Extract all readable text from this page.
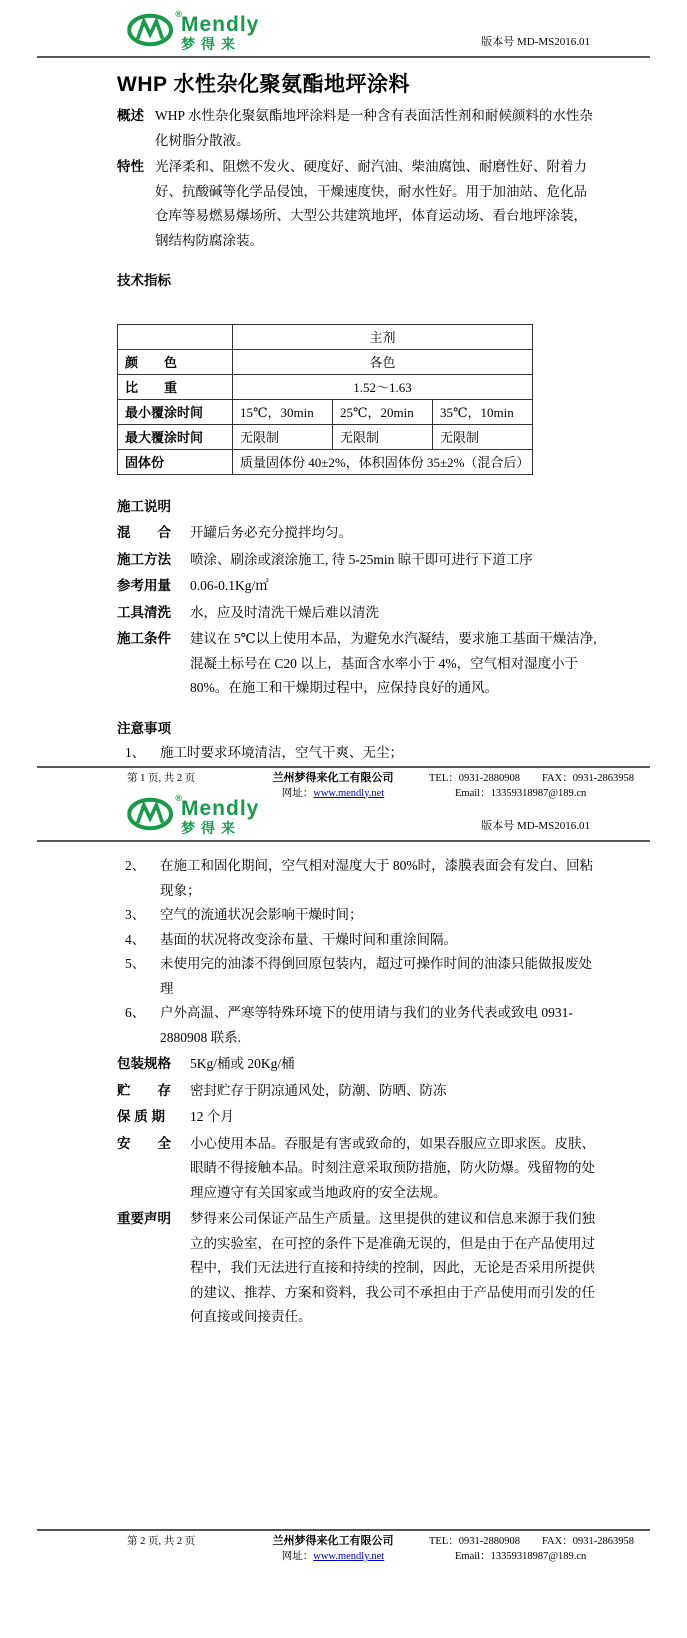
® Mendly
梦得来	版本号 MD-MS2016.01
WHP 水性杂化聚氨酯地坪涂料
概述 WHP 水性杂化聚氨酯地坪涂料是一种含有表面活性剂和耐候颜料的水性杂化树脂分散液。
特性 光泽柔和、阻燃不发火、硬度好、耐汽油、柴油腐蚀、耐磨性好、附着力好、抗酸碱等化学品侵蚀，干燥速度快，耐水性好。用于加油站、危化品仓库等易燃易爆场所、大型公共建筑地坪，体育运动场、看台地坪涂装，钢结构防腐涂装。
技术指标
	主剂		
颜　　色	各色		
比　　重	1.52～1.63		
最小覆涂时间	15℃，30min	25℃，20min	35℃，10min
最大覆涂时间	无限制	无限制	无限制
固体份	质量固体份 40±2%，体积固体份 35±2%（混合后）		
施工说明
混　　合	开罐后务必充分搅拌均匀。
施工方法	喷涂、刷涂或滚涂施工, 待 5-25min 晾干即可进行下道工序
参考用量	0.06-0.1Kg/㎡
工具清洗	水，应及时清洗干燥后难以清洗
施工条件	建议在 5℃以上使用本品，为避免水汽凝结，要求施工基面干燥洁净, 混凝土标号在 C20 以上，基面含水率小于 4%，空气相对湿度小于 80%。在施工和干燥期过程中，应保持良好的通风。
注意事项
1、	施工时要求环境清洁，空气干爽、无尘；
第 1 页, 共 2 页	兰州梦得来化工有限公司
网址：www.mendly.net
TEL：0931-2880908 FAX：0931-2863958
Email：13359318987@189.cn
® Mendly
梦得来	版本号 MD-MS2016.01
2、	在施工和固化期间，空气相对湿度大于 80%时，漆膜表面会有发白、回粘现象；
3、	空气的流通状况会影响干燥时间；
4、	基面的状况将改变涂布量、干燥时间和重涂间隔。
5、	未使用完的油漆不得倒回原包装内，超过可操作时间的油漆只能做报废处理
6、	户外高温、严寒等特殊环境下的使用请与我们的业务代表或致电 0931-2880908 联系.
包装规格	5Kg/桶或 20Kg/桶
贮　　存	密封贮存于阴凉通风处，防潮、防晒、防冻
保 质 期	12 个月
安　　全	小心使用本品。吞服是有害或致命的，如果吞服应立即求医。皮肤、眼睛不得接触本品。时刻注意采取预防措施，防火防爆。残留物的处理应遵守有关国家或当地政府的安全法规。
重要声明	梦得来公司保证产品生产质量。这里提供的建议和信息来源于我们独立的实验室，在可控的条件下是准确无误的，但是由于在产品使用过程中，我们无法进行直接和持续的控制，因此，无论是否采用所提供的建议、推荐、方案和资料，我公司不承担由于产品使用而引发的任何直接或间接责任。
第 2 页, 共 2 页	兰州梦得来化工有限公司
网址：www.mendly.net
TEL：0931-2880908 FAX：0931-2863958
Email：13359318987@189.cn
